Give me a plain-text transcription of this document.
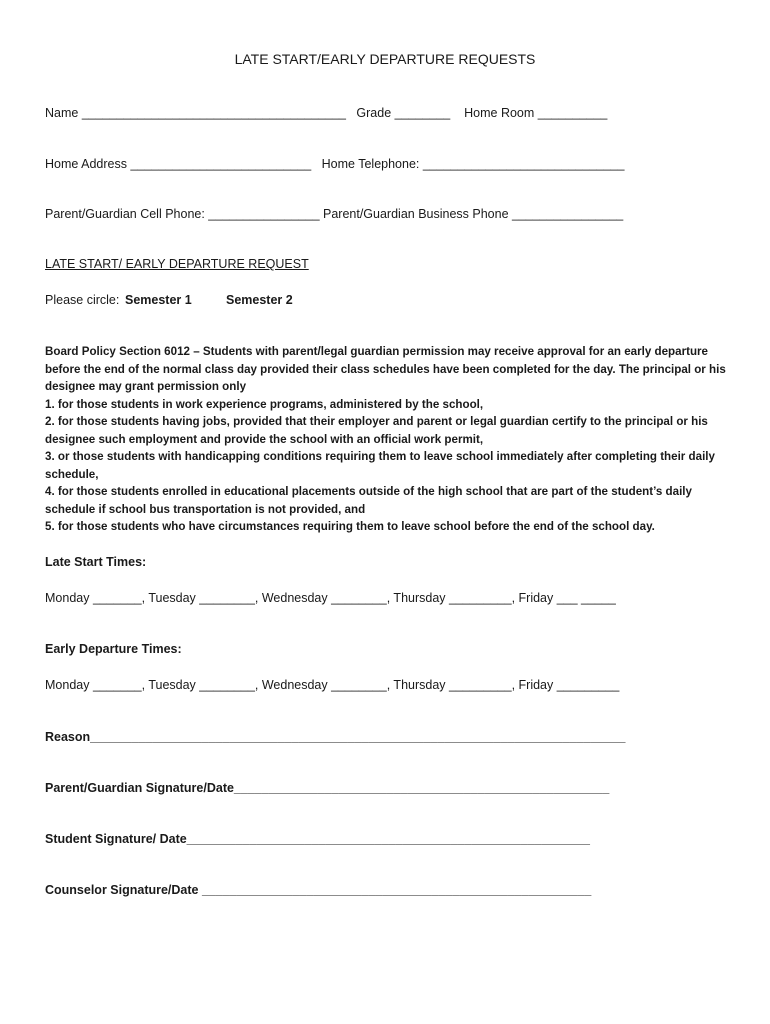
LATE START/EARLY DEPARTURE REQUESTS
Name ______________________________________   Grade ________    Home Room __________
Home Address __________________________   Home Telephone: _____________________________
Parent/Guardian Cell Phone: ________________ Parent/Guardian Business Phone ________________
LATE START/ EARLY DEPARTURE REQUEST
Please circle: Semester 1	Semester 2
Board Policy Section 6012 – Students with parent/legal guardian permission may receive approval for an early departure before the end of the normal class day provided their class schedules have been completed for the day. The principal or his designee may grant permission only
1. for those students in work experience programs, administered by the school,
2. for those students having jobs, provided that their employer and parent or legal guardian certify to the principal or his designee such employment and provide the school with an official work permit,
3. or those students with handicapping conditions requiring them to leave school immediately after completing their daily schedule,
4. for those students enrolled in educational placements outside of the high school that are part of the student’s daily schedule if school bus transportation is not provided, and
5. for those students who have circumstances requiring them to leave school before the end of the school day.
Late Start Times:
Monday _______, Tuesday ________, Wednesday ________, Thursday _________, Friday ___ _____
Early Departure Times:
Monday _______, Tuesday ________, Wednesday ________, Thursday _________, Friday _________
Reason_____________________________________________________________________________
Parent/Guardian Signature/Date______________________________________________________
Student Signature/ Date__________________________________________________________
Counselor Signature/Date ________________________________________________________
